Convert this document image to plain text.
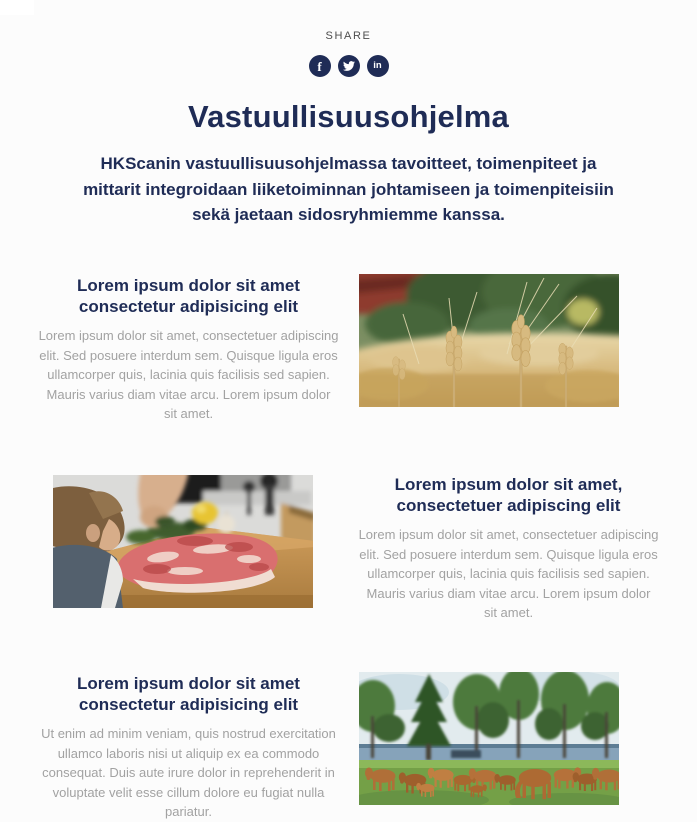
SHARE
f	in
Vastuullisuusohjelma

HKScanin vastuullisuusohjelmassa tavoitteet, toimenpiteet ja mittarit integroidaan liiketoiminnan johtamiseen ja toimenpiteisiin sekä jaetaan sidosryhmiemme kanssa.

Lorem ipsum dolor sit amet consectetur adipisicing elit

Lorem ipsum dolor sit amet, consectetuer adipiscing elit. Sed posuere interdum sem. Quisque ligula eros ullamcorper quis, lacinia quis facilisis sed sapien. Mauris varius diam vitae arcu. Lorem ipsum dolor sit amet.

Lorem ipsum dolor sit amet, consectetuer adipiscing elit

Lorem ipsum dolor sit amet, consectetuer adipiscing elit. Sed posuere interdum sem. Quisque ligula eros ullamcorper quis, lacinia quis facilisis sed sapien. Mauris varius diam vitae arcu. Lorem ipsum dolor sit amet.

Lorem ipsum dolor sit amet consectetur adipisicing elit

Ut enim ad minim veniam, quis nostrud exercitation ullamco laboris nisi ut aliquip ex ea commodo consequat. Duis aute irure dolor in reprehenderit in voluptate velit esse cillum dolore eu fugiat nulla pariatur.
